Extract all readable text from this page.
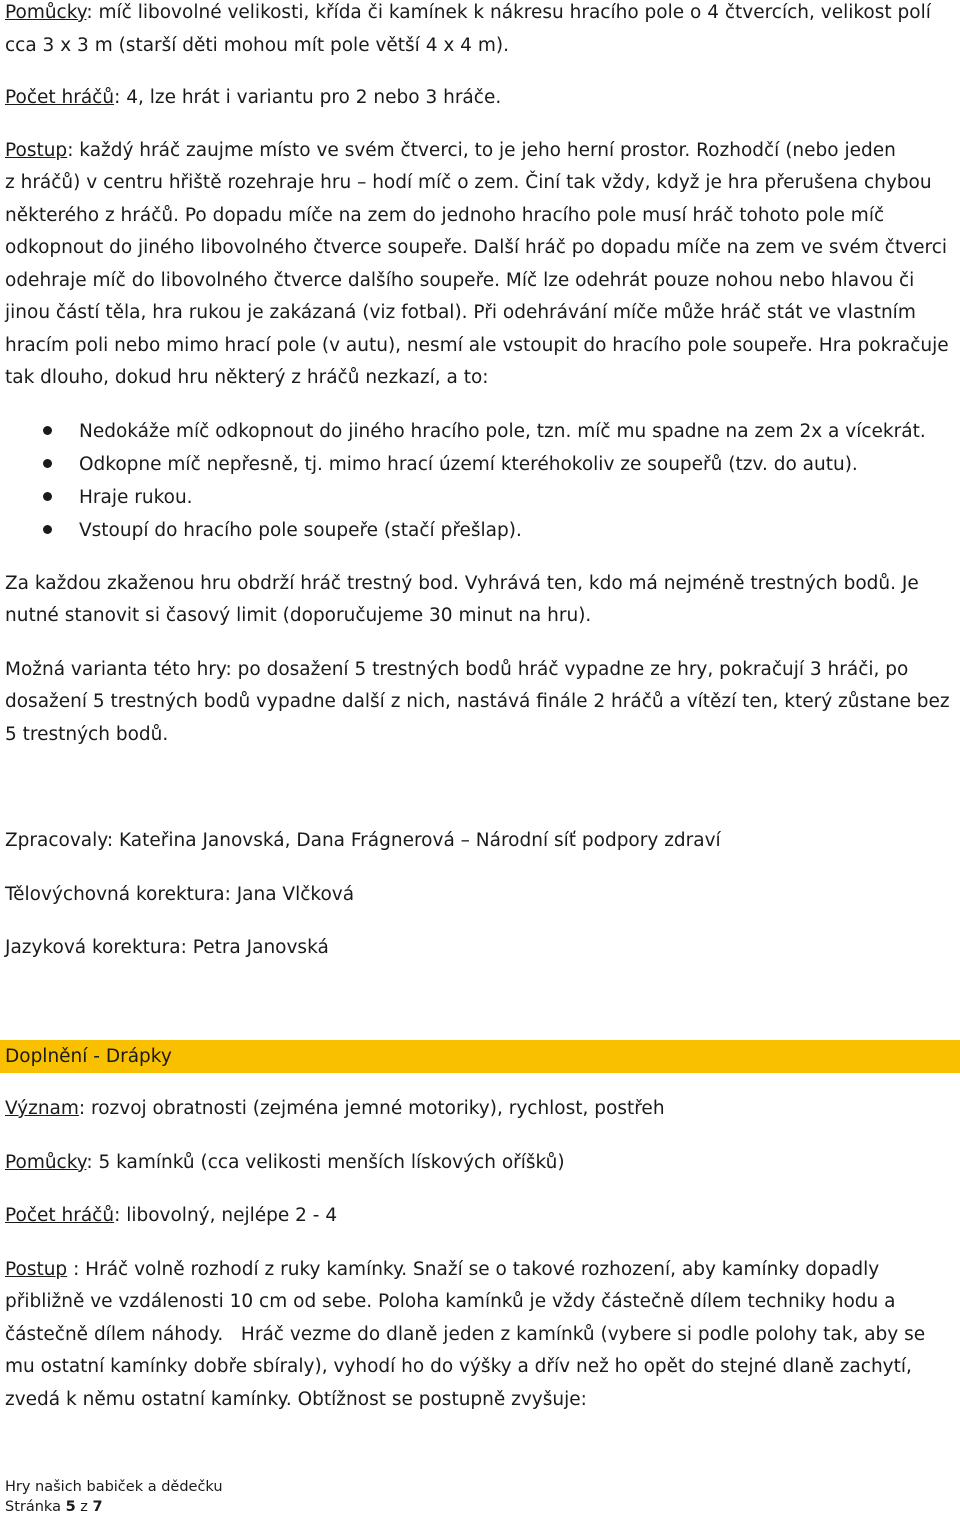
Pomůcky: míč libovolné velikosti, křída či kamínek k nákresu hracího pole o 4 čtvercích, velikost polí
cca 3 x 3 m (starší děti mohou mít pole větší 4 x 4 m).

Počet hráčů: 4, lze hrát i variantu pro 2 nebo 3 hráče.

Postup: každý hráč zaujme místo ve svém čtverci, to je jeho herní prostor. Rozhodčí (nebo jeden
z hráčů) v centru hřiště rozehraje hru – hodí míč o zem. Činí tak vždy, když je hra přerušena chybou
některého z hráčů. Po dopadu míče na zem do jednoho hracího pole musí hráč tohoto pole míč
odkopnout do jiného libovolného čtverce soupeře. Další hráč po dopadu míče na zem ve svém čtverci
odehraje míč do libovolného čtverce dalšího soupeře. Míč lze odehrát pouze nohou nebo hlavou či
jinou částí těla, hra rukou je zakázaná (viz fotbal). Při odehrávání míče může hráč stát ve vlastním
hracím poli nebo mimo hrací pole (v autu), nesmí ale vstoupit do hracího pole soupeře. Hra pokračuje
tak dlouho, dokud hru některý z hráčů nezkazí, a to:

Nedokáže míč odkopnout do jiného hracího pole, tzn. míč mu spadne na zem 2x a vícekrát.
Odkopne míč nepřesně, tj. mimo hrací území kteréhokoliv ze soupeřů (tzv. do autu).
Hraje rukou.
Vstoupí do hracího pole soupeře (stačí přešlap).

Za každou zkaženou hru obdrží hráč trestný bod. Vyhrává ten, kdo má nejméně trestných bodů. Je
nutné stanovit si časový limit (doporučujeme 30 minut na hru).

Možná varianta této hry: po dosažení 5 trestných bodů hráč vypadne ze hry, pokračují 3 hráči, po
dosažení 5 trestných bodů vypadne další z nich, nastává finále 2 hráčů a vítězí ten, který zůstane bez
5 trestných bodů.

Zpracovaly: Kateřina Janovská, Dana Frágnerová – Národní síť podpory zdraví

Tělovýchovná korektura: Jana Vlčková

Jazyková korektura: Petra Janovská

Doplnění - Drápky

Význam: rozvoj obratnosti (zejména jemné motoriky), rychlost, postřeh

Pomůcky: 5 kamínků (cca velikosti menších lískových oříšků)

Počet hráčů: libovolný, nejlépe 2 - 4

Postup : Hráč volně rozhodí z ruky kamínky. Snaží se o takové rozhození, aby kamínky dopadly
přibližně ve vzdálenosti 10 cm od sebe. Poloha kamínků je vždy částečně dílem techniky hodu a
částečně dílem náhody.   Hráč vezme do dlaně jeden z kamínků (vybere si podle polohy tak, aby se
mu ostatní kamínky dobře sbíraly), vyhodí ho do výšky a dřív než ho opět do stejné dlaně zachytí,
zvedá k němu ostatní kamínky. Obtížnost se postupně zvyšuje:

Hry našich babiček a dědečku
Stránka 5 z 7
